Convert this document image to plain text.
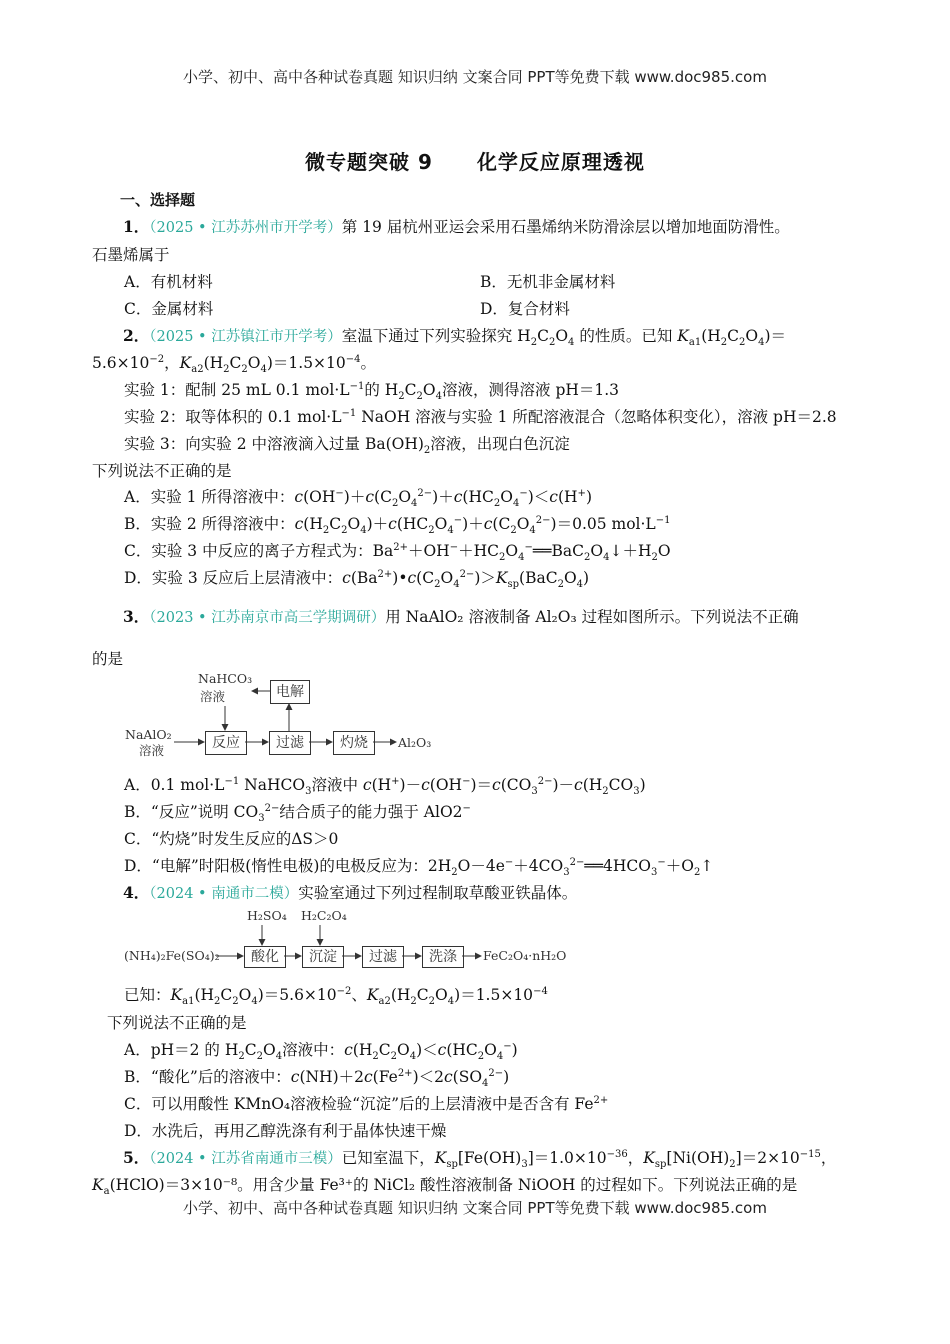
小学、初中、高中各种试卷真题 知识归纳 文案合同 PPT等免费下载 www.doc985.com
微专题突破 9 化学反应原理透视
一、选择题
1．（2025 • 江苏苏州市开学考）第 19 届杭州亚运会采用石墨烯纳米防滑涂层以增加地面防滑性。
石墨烯属于
A．有机材料	B．无机非金属材料
C．金属材料	D．复合材料
2．（2025 • 江苏镇江市开学考）室温下通过下列实验探究 $H_2C_2O_4$ 的性质。已知 $K_{a1}(H_2C_2O_4)=$
$5.6\times 10^{-2}$，$K_{a2}(H_2C_2O_4)=1.5\times 10^{-4}$。
实验 1：配制 25 mL 0.1 $mol\cdot L^{-1}$的 $H_2C_2O_4$溶液，测得溶液 pH＝1.3
实验 2：取等体积的 0.1 $mol\cdot L^{-1}$ NaOH 溶液与实验 1 所配溶液混合（忽略体积变化），溶液 pH＝2.8
实验 3：向实验 2 中溶液滴入过量 $Ba(OH)_2$溶液，出现白色沉淀
下列说法不正确的是
A．实验 1 所得溶液中：$c(OH^-)+c(C_2O_4^{2-})+c(HC_2O_4^-)<c(H^+)$
B．实验 2 所得溶液中：$c(H_2C_2O_4)+c(HC_2O_4^-)+c(C_2O_4^{2-})=0.05$ $mol\cdot L^{-1}$
C．实验 3 中反应的离子方程式为：$Ba^{2+}+OH^-+HC_2O_4^-══BaC_2O_4↓+H_2O$
D．实验 3 反应后上层清液中：$c(Ba^{2+})•c(C_2O_4^{2-})>K_{sp}(BaC_2O_4)$
3．（2023 • 江苏南京市高三学期调研）用 NaAlO₂ 溶液制备 Al₂O₃ 过程如图所示。下列说法不正确
的是
NaHCO₃
溶液
NaAlO₂
溶液	反应	过滤	灼烧
电解
Al₂O₃
A．0.1 $mol\cdot L^{-1}$ NaHCO$_3$溶液中 $c(H^+)-c(OH^-)=c(CO_3^{2-})-c(H_2CO_3)$
B．“反应”说明 $CO_3^{2-}$结合质子的能力强于 AlO2−
C．“灼烧”时发生反应的ΔS＞0
D．“电解”时阳极(惰性电极)的电极反应为：$2H_2O-4e^-+4CO_3^{2-}══4HCO_3^-+O_2↑$
4．（2024 • 南通市二模）实验室通过下列过程制取草酸亚铁晶体。
H₂SO₄ H₂C₂O₄
(NH₄)₂Fe(SO₄)₂	酸化	沉淀	过滤	洗涤	FeC₂O₄·nH₂O
已知：$K_{a1}(H_2C_2O_4)=5.6\times 10^{-2}$、$K_{a2}(H_2C_2O_4)=1.5\times 10^{-4}$
下列说法不正确的是
A．pH＝2 的 $H_2C_2O_4$溶液中：$c(H_2C_2O_4)<c(HC_2O_4^-)$
B．“酸化”后的溶液中：$c(NH)+2c(Fe^{2+})<2c(SO_4^{2-})$
C．可以用酸性 KMnO₄溶液检验“沉淀”后的上层清液中是否含有 $Fe^{2+}$
D．水洗后，再用乙醇洗涤有利于晶体快速干燥
5．（2024 • 江苏省南通市三模）已知室温下，$K_{sp}[Fe(OH)_3]=1.0\times 10^{-36}$，$K_{sp}[Ni(OH)_2]=2\times 10^{-15}$，
$K_a(HClO)=3\times 10^{-8}$。用含少量 Fe³⁺的 NiCl₂ 酸性溶液制备 NiOOH 的过程如下。下列说法正确的是
小学、初中、高中各种试卷真题 知识归纳 文案合同 PPT等免费下载 www.doc985.com
